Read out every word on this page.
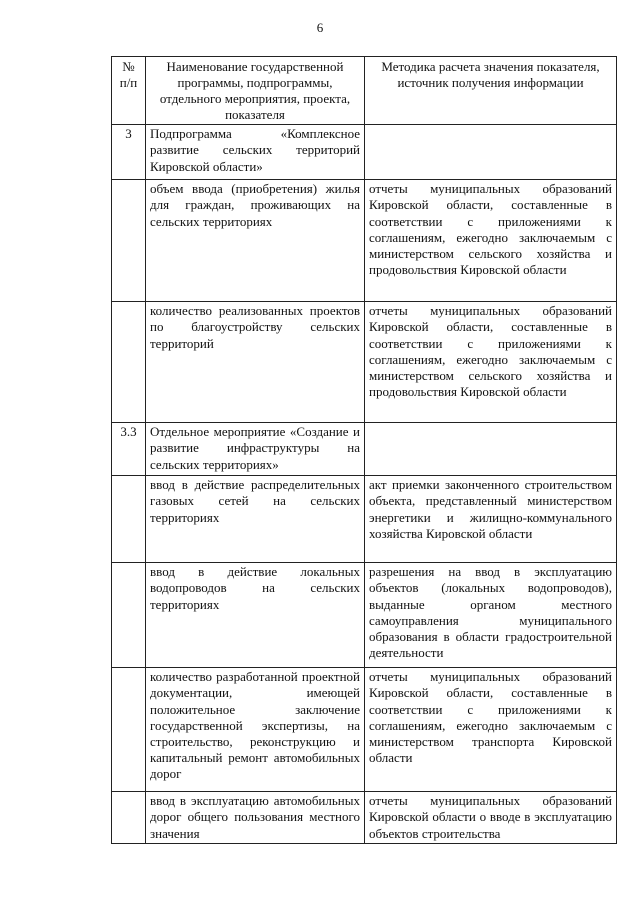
6
№ п/п	Наименование государственной программы, подпрограммы, отдельного мероприятия, проекта, показателя	Методика расчета значения показателя, источник получения информации
3	Подпрограмма «Комплексное развитие сельских территорий Кировской области»	
	объем ввода (приобретения) жилья для граждан, проживающих на сельских территориях	отчеты муниципальных образований Кировской области, составленные в соответствии с приложениями к соглашениям, ежегодно заключаемым с министерством сельского хозяйства и продовольствия Кировской области
	количество реализованных проектов по благоустройству сельских территорий	отчеты муниципальных образований Кировской области, составленные в соответствии с приложениями к соглашениям, ежегодно заключаемым с министерством сельского хозяйства и продовольствия Кировской области
3.3	Отдельное мероприятие «Создание и развитие инфраструктуры на сельских территориях»	
	ввод в действие распределительных газовых сетей на сельских территориях	акт приемки законченного строительством объекта, представленный министерством энергетики и жилищно-коммунального хозяйства Кировской области
	ввод в действие локальных водопроводов на сельских территориях	разрешения на ввод в эксплуатацию объектов (локальных водопроводов), выданные органом местного самоуправления муниципального образования в области градостроительной деятельности
	количество разработанной проектной документации, имеющей положительное заключение государственной экспертизы, на строительство, реконструкцию и капитальный ремонт автомобильных дорог	отчеты муниципальных образований Кировской области, составленные в соответствии с приложениями к соглашениям, ежегодно заключаемым с министерством транспорта Кировской области
	ввод в эксплуатацию автомобильных дорог общего пользования местного значения	отчеты муниципальных образований Кировской области о вводе в эксплуатацию объектов строительства
